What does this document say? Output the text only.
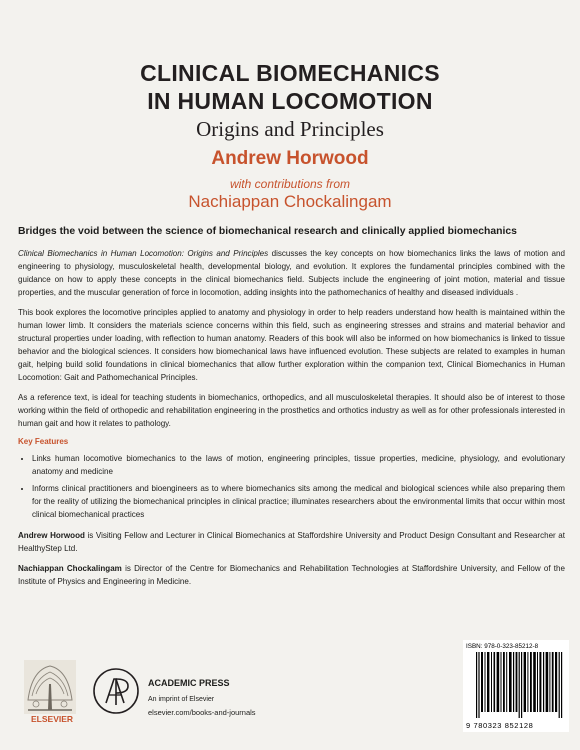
CLINICAL BIOMECHANICS
IN HUMAN LOCOMOTION
Origins and Principles
Andrew Horwood
with contributions from
Nachiappan Chockalingam
Bridges the void between the science of biomechanical research and clinically applied biomechanics

Clinical Biomechanics in Human Locomotion: Origins and Principles discusses the key concepts on how biomechanics links the laws of motion and engineering to physiology, musculoskeletal health, developmental biology, and evolution. It explores the fundamental principles combined with the guidance on how to apply these concepts in the clinical biomechanics field. Subjects include the engineering of joint motion, material and tissue properties, and the muscular generation of force in locomotion, adding insights into the pathomechanics of healthy and diseased individuals .

This book explores the locomotive principles applied to anatomy and physiology in order to help readers understand how health is maintained within the human lower limb. It considers the materials science concerns within this field, such as engineering stresses and strains and material behavior and structural properties under loading, with reflection to human anatomy. Readers of this book will also be informed on how biomechanics is linked to tissue behavior and the biological sciences. It considers how biomechanical laws have influenced evolution. These subjects are related to examples in human gait, helping build solid foundations in clinical biomechanics that allow further exploration within the companion text, Clinical Biomechanics in Human Locomotion: Gait and Pathomechanical Principles.

As a reference text, is ideal for teaching students in biomechanics, orthopedics, and all musculoskeletal therapies. It should also be of interest to those working within the field of orthopedic and rehabilitation engineering in the prosthetics and orthotics industry as well as for other professionals interested in human gait and how it relates to pathology.

Key Features
• Links human locomotive biomechanics to the laws of motion, engineering principles, tissue properties, medicine, physiology, and evolutionary anatomy and medicine
• Informs clinical practitioners and bioengineers as to where biomechanics sits among the medical and biological sciences while also preparing them for the reality of utilizing the biomechanical principles in clinical practice; illuminates researchers about the environmental limits that occur within most clinical biomechanical practices

Andrew Horwood is Visiting Fellow and Lecturer in Clinical Biomechanics at Staffordshire University and Product Design Consultant and Researcher at HealthyStep Ltd.

Nachiappan Chockalingam is Director of the Centre for Biomechanics and Rehabilitation Technologies at Staffordshire University, and Fellow of the Institute of Physics and Engineering in Medicine.

ELSEVIER
ACADEMIC PRESS
An imprint of Elsevier
elsevier.com/books-and-journals
ISBN: 978-0-323-85212-8
9 780323 852128
